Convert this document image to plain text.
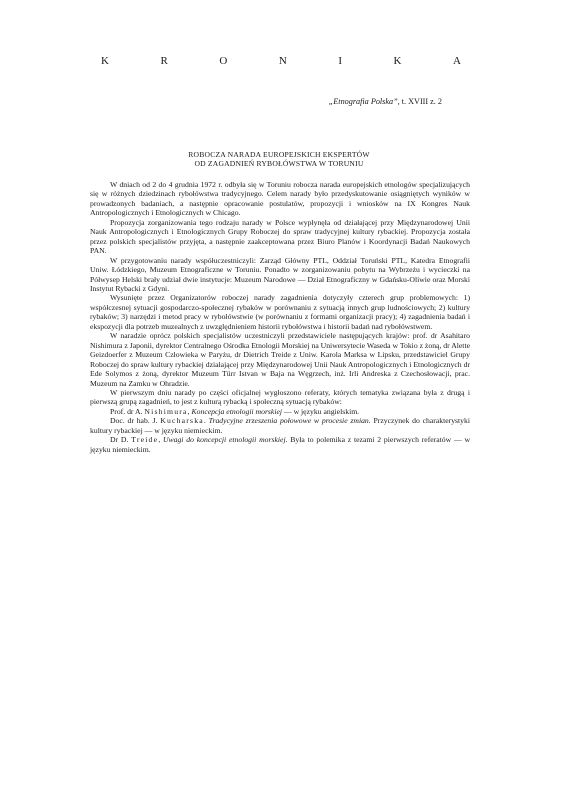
K	R	O	N	I	K	A
„Etnografia Polska”, t. XVIII z. 2
ROBOCZA NARADA EUROPEJSKICH EKSPERTÓW
OD ZAGADNIEŃ RYBOŁÓWSTWA W TORUNIU

W dniach od 2 do 4 grudnia 1972 r. odbyła się w Toruniu robocza narada europejskich etnologów specjalizujących się w różnych dziedzinach rybołówstwa tradycyjnego. Celem narady było przedyskutowanie osiągniętych wyników w prowadzonych badaniach, a następnie opracowanie postulatów, propozycji i wniosków na IX Kongres Nauk Antropologicznych i Etnologicznych w Chicago.

Propozycja zorganizowania tego rodzaju narady w Polsce wypłynęła od działającej przy Międzynarodowej Unii Nauk Antropologicznych i Etnologicznych Grupy Roboczej do spraw tradycyjnej kultury rybackiej. Propozycja została przez polskich specjalistów przyjęta, a następnie zaakceptowana przez Biuro Planów i Koordynacji Badań Naukowych PAN.

W przygotowaniu narady współuczestniczyli: Zarząd Główny PTL, Oddział Toruński PTL, Katedra Etnografii Uniw. Łódzkiego, Muzeum Etnograficzne w Toruniu. Ponadto w zorganizowaniu pobytu na Wybrzeżu i wycieczki na Półwysep Helski brały udział dwie instytucje: Muzeum Narodowe — Dział Etnograficzny w Gdańsku-Oliwie oraz Morski Instytut Rybacki z Gdyni.

Wysunięte przez Organizatorów roboczej narady zagadnienia dotyczyły czterech grup problemowych: 1) współczesnej sytuacji gospodarczo-społecznej rybaków w porównaniu z sytuacją innych grup ludnościowych; 2) kultury rybaków; 3) narzędzi i metod pracy w rybołówstwie (w porównaniu z formami organizacji pracy); 4) zagadnienia badań i ekspozycji dla potrzeb muzealnych z uwzględnieniem historii rybołówstwa i historii badań nad rybołówstwem.

W naradzie oprócz polskich specjalistów uczestniczyli przedstawiciele następujących krajów: prof. dr Asahitaro Nishimura z Japonii, dyrektor Centralnego Ośrodka Etnologii Morskiej na Uniwersytecie Waseda w Tokio z żoną, dr Alette Geizdoerfer z Muzeum Człowieka w Paryżu, dr Dietrich Treide z Uniw. Karola Marksa w Lipsku, przedstawiciel Grupy Roboczej do spraw kultury rybackiej działającej przy Międzynarodowej Unii Nauk Antropologicznych i Etnologicznych dr Ede Solymos z żoną, dyrektor Muzeum Türr Istvan w Baja na Węgrzech, inż. Irli Andreska z Czechosłowacji, prac. Muzeum na Zamku w Ohradzie.

W pierwszym dniu narady po części oficjalnej wygłoszono referaty, których tematyka związana była z drugą i pierwszą grupą zagadnień, to jest z kulturą rybacką i społeczną sytuacją rybaków:

Prof. dr A. Nishimura, Koncepcja etnologii morskiej — w języku angielskim.

Doc. dr hab. J. Kucharska. Tradycyjne zrzeszenia połowowe w procesie zmian. Przyczynek do charakterystyki kultury rybackiej — w języku niemieckim.

Dr D. Treide, Uwagi do koncepcji etnologii morskiej. Była to polemika z tezami 2 pierwszych referatów — w języku niemieckim.
